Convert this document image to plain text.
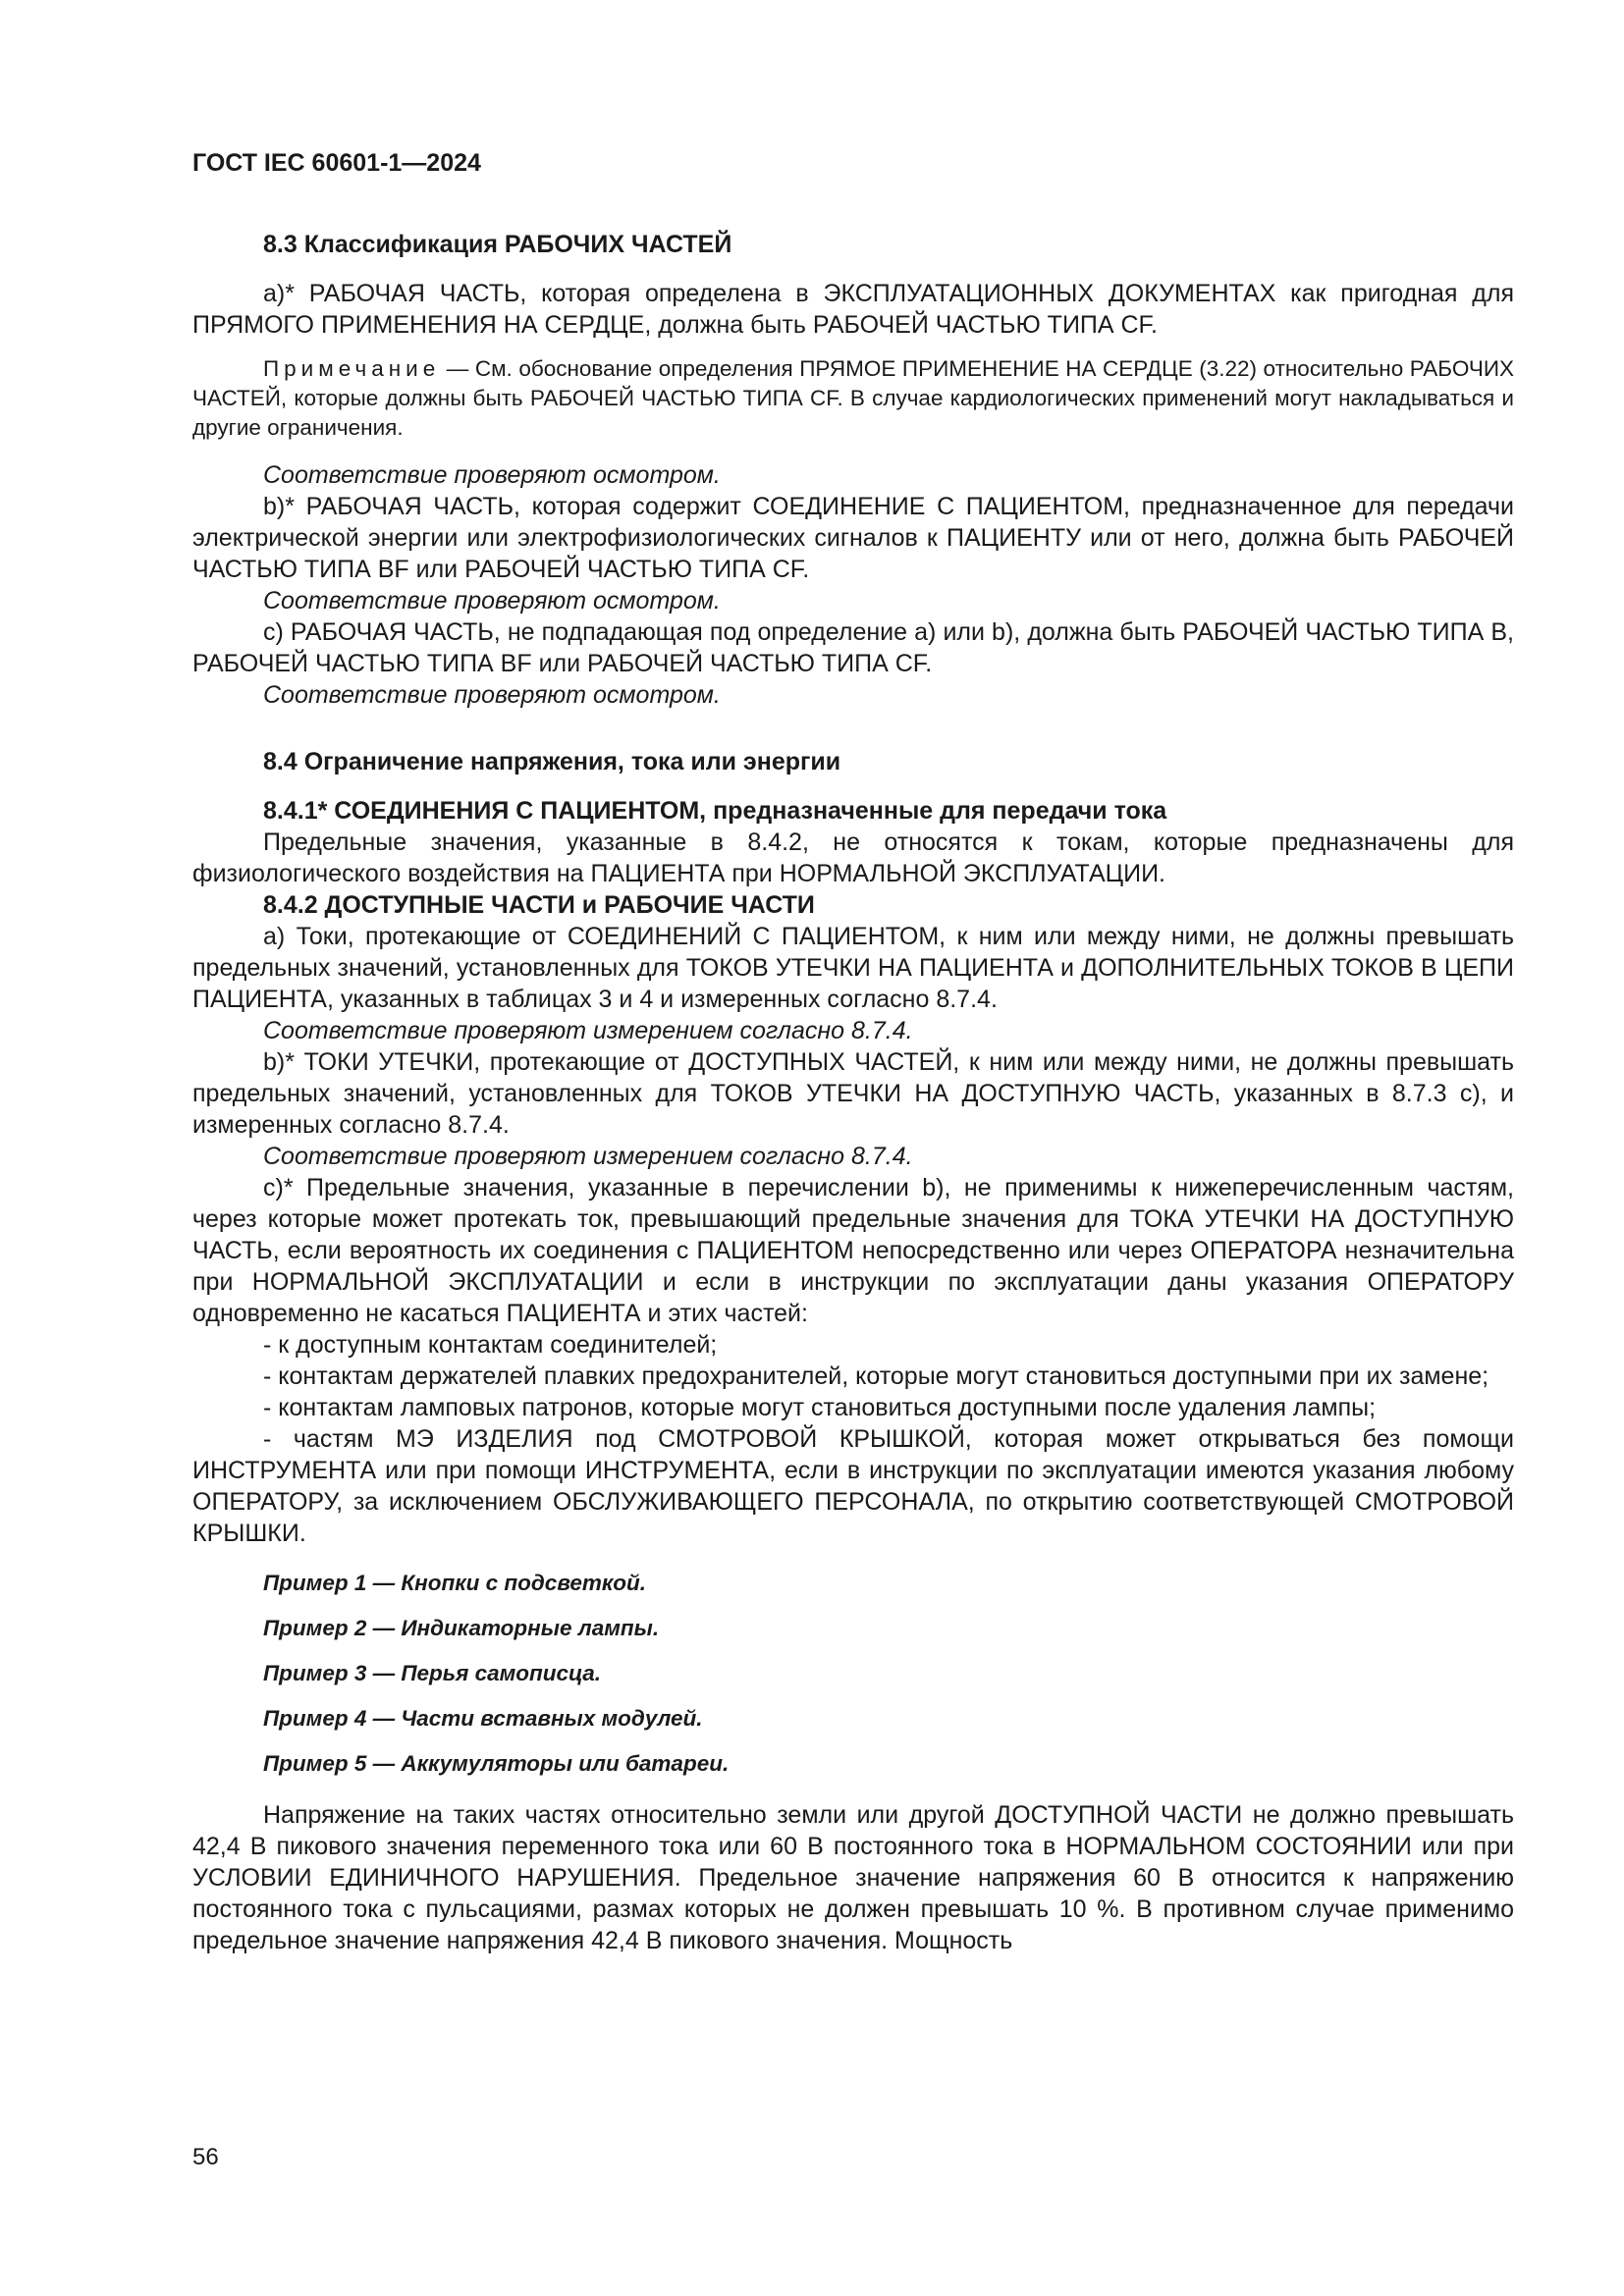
ГОСТ IEC 60601-1—2024

8.3 Классификация РАБОЧИХ ЧАСТЕЙ

а)* РАБОЧАЯ ЧАСТЬ, которая определена в ЭКСПЛУАТАЦИОННЫХ ДОКУМЕНТАХ как пригодная для ПРЯМОГО ПРИМЕНЕНИЯ НА СЕРДЦЕ, должна быть РАБОЧЕЙ ЧАСТЬЮ ТИПА CF.

Примечание — См. обоснование определения ПРЯМОЕ ПРИМЕНЕНИЕ НА СЕРДЦЕ (3.22) относительно РАБОЧИХ ЧАСТЕЙ, которые должны быть РАБОЧЕЙ ЧАСТЬЮ ТИПА CF. В случае кардиологических применений могут накладываться и другие ограничения.

Соответствие проверяют осмотром.

b)* РАБОЧАЯ ЧАСТЬ, которая содержит СОЕДИНЕНИЕ С ПАЦИЕНТОМ, предназначенное для передачи электрической энергии или электрофизиологических сигналов к ПАЦИЕНТУ или от него, должна быть РАБОЧЕЙ ЧАСТЬЮ ТИПА BF или РАБОЧЕЙ ЧАСТЬЮ ТИПА CF.

Соответствие проверяют осмотром.

с) РАБОЧАЯ ЧАСТЬ, не подпадающая под определение а) или b), должна быть РАБОЧЕЙ ЧАСТЬЮ ТИПА В, РАБОЧЕЙ ЧАСТЬЮ ТИПА BF или РАБОЧЕЙ ЧАСТЬЮ ТИПА CF.

Соответствие проверяют осмотром.

8.4 Ограничение напряжения, тока или энергии

8.4.1* СОЕДИНЕНИЯ С ПАЦИЕНТОМ, предназначенные для передачи тока

Предельные значения, указанные в 8.4.2, не относятся к токам, которые предназначены для физиологического воздействия на ПАЦИЕНТА при НОРМАЛЬНОЙ ЭКСПЛУАТАЦИИ.

8.4.2 ДОСТУПНЫЕ ЧАСТИ и РАБОЧИЕ ЧАСТИ

а) Токи, протекающие от СОЕДИНЕНИЙ С ПАЦИЕНТОМ, к ним или между ними, не должны превышать предельных значений, установленных для ТОКОВ УТЕЧКИ НА ПАЦИЕНТА и ДОПОЛНИТЕЛЬНЫХ ТОКОВ В ЦЕПИ ПАЦИЕНТА, указанных в таблицах 3 и 4 и измеренных согласно 8.7.4.

Соответствие проверяют измерением согласно 8.7.4.

b)* ТОКИ УТЕЧКИ, протекающие от ДОСТУПНЫХ ЧАСТЕЙ, к ним или между ними, не должны превышать предельных значений, установленных для ТОКОВ УТЕЧКИ НА ДОСТУПНУЮ ЧАСТЬ, указанных в 8.7.3 с), и измеренных согласно 8.7.4.

Соответствие проверяют измерением согласно 8.7.4.

с)* Предельные значения, указанные в перечислении b), не применимы к нижеперечисленным частям, через которые может протекать ток, превышающий предельные значения для ТОКА УТЕЧКИ НА ДОСТУПНУЮ ЧАСТЬ, если вероятность их соединения с ПАЦИЕНТОМ непосредственно или через ОПЕРАТОРА незначительна при НОРМАЛЬНОЙ ЭКСПЛУАТАЦИИ и если в инструкции по эксплуатации даны указания ОПЕРАТОРУ одновременно не касаться ПАЦИЕНТА и этих частей:

- к доступным контактам соединителей;

- контактам держателей плавких предохранителей, которые могут становиться доступными при их замене;

- контактам ламповых патронов, которые могут становиться доступными после удаления лампы;

- частям МЭ ИЗДЕЛИЯ под СМОТРОВОЙ КРЫШКОЙ, которая может открываться без помощи ИНСТРУМЕНТА или при помощи ИНСТРУМЕНТА, если в инструкции по эксплуатации имеются указания любому ОПЕРАТОРУ, за исключением ОБСЛУЖИВАЮЩЕГО ПЕРСОНАЛА, по открытию соответствующей СМОТРОВОЙ КРЫШКИ.

Пример 1 — Кнопки с подсветкой.

Пример 2 — Индикаторные лампы.

Пример 3 — Перья самописца.

Пример 4 — Части вставных модулей.

Пример 5 — Аккумуляторы или батареи.

Напряжение на таких частях относительно земли или другой ДОСТУПНОЙ ЧАСТИ не должно превышать 42,4 В пикового значения переменного тока или 60 В постоянного тока в НОРМАЛЬНОМ СОСТОЯНИИ или при УСЛОВИИ ЕДИНИЧНОГО НАРУШЕНИЯ. Предельное значение напряжения 60 В относится к напряжению постоянного тока с пульсациями, размах которых не должен превышать 10 %. В противном случае применимо предельное значение напряжения 42,4 В пикового значения. Мощность

56
